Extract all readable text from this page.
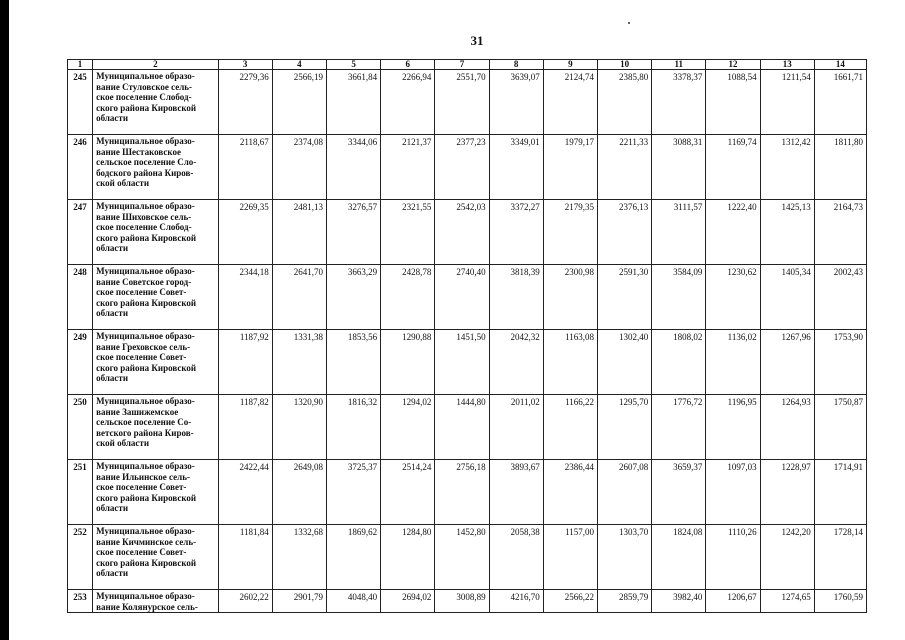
31
1	2	3	4	5	6	7	8	9	10	11	12	13	14
245	Муниципальное образо-
вание Стуловское сель-
ское поселение Слобод-
ского района Кировской
области	2279,36	2566,19	3661,84	2266,94	2551,70	3639,07	2124,74	2385,80	3378,37	1088,54	1211,54	1661,71
246	Муниципальное образо-
вание Шестаковское
сельское поселение Сло-
бодского района Киров-
ской области	2118,67	2374,08	3344,06	2121,37	2377,23	3349,01	1979,17	2211,33	3088,31	1169,74	1312,42	1811,80
247	Муниципальное образо-
вание Шиховское сель-
ское поселение Слобод-
ского района Кировской
области	2269,35	2481,13	3276,57	2321,55	2542,03	3372,27	2179,35	2376,13	3111,57	1222,40	1425,13	2164,73
248	Муниципальное образо-
вание Советское город-
ское поселение Совет-
ского района Кировской
области	2344,18	2641,70	3663,29	2428,78	2740,40	3818,39	2300,98	2591,30	3584,09	1230,62	1405,34	2002,43
249	Муниципальное образо-
вание Греховское сель-
ское поселение Совет-
ского района Кировской
области	1187,92	1331,38	1853,56	1290,88	1451,50	2042,32	1163,08	1302,40	1808,02	1136,02	1267,96	1753,90
250	Муниципальное образо-
вание Зашижемское
сельское поселение Со-
ветского района Киров-
ской области	1187,82	1320,90	1816,32	1294,02	1444,80	2011,02	1166,22	1295,70	1776,72	1196,95	1264,93	1750,87
251	Муниципальное образо-
вание Ильинское сель-
ское поселение Совет-
ского района Кировской
области	2422,44	2649,08	3725,37	2514,24	2756,18	3893,67	2386,44	2607,08	3659,37	1097,03	1228,97	1714,91
252	Муниципальное образо-
вание Кичминское сель-
ское поселение Совет-
ского района Кировской
области	1181,84	1332,68	1869,62	1284,80	1452,80	2058,38	1157,00	1303,70	1824,08	1110,26	1242,20	1728,14
253	Муниципальное образо-
вание Колянурское сель-	2602,22	2901,79	4048,40	2694,02	3008,89	4216,70	2566,22	2859,79	3982,40	1206,67	1274,65	1760,59
